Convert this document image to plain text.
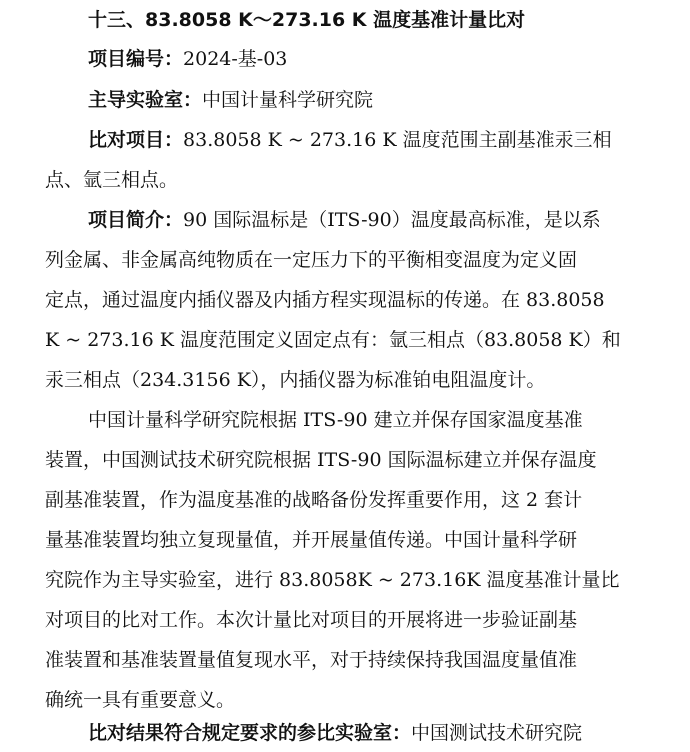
十三、83.8058 K～273.16 K 温度基准计量比对
项目编号：2024-基-03
主导实验室：中国计量科学研究院
比对项目：83.8058 K ~ 273.16 K 温度范围主副基准汞三相
点、氩三相点。
项目简介：90 国际温标是（ITS-90）温度最高标准，是以系
列金属、非金属高纯物质在一定压力下的平衡相变温度为定义固
定点，通过温度内插仪器及内插方程实现温标的传递。在 83.8058
K ~ 273.16 K 温度范围定义固定点有：氩三相点（83.8058 K）和
汞三相点（234.3156 K），内插仪器为标准铂电阻温度计。
中国计量科学研究院根据 ITS-90 建立并保存国家温度基准
装置，中国测试技术研究院根据 ITS-90 国际温标建立并保存温度
副基准装置，作为温度基准的战略备份发挥重要作用，这 2 套计
量基准装置均独立复现量值，并开展量值传递。中国计量科学研
究院作为主导实验室，进行 83.8058K ~ 273.16K 温度基准计量比
对项目的比对工作。本次计量比对项目的开展将进一步验证副基
准装置和基准装置量值复现水平，对于持续保持我国温度量值准
确统一具有重要意义。
比对结果符合规定要求的参比实验室：中国测试技术研究院
